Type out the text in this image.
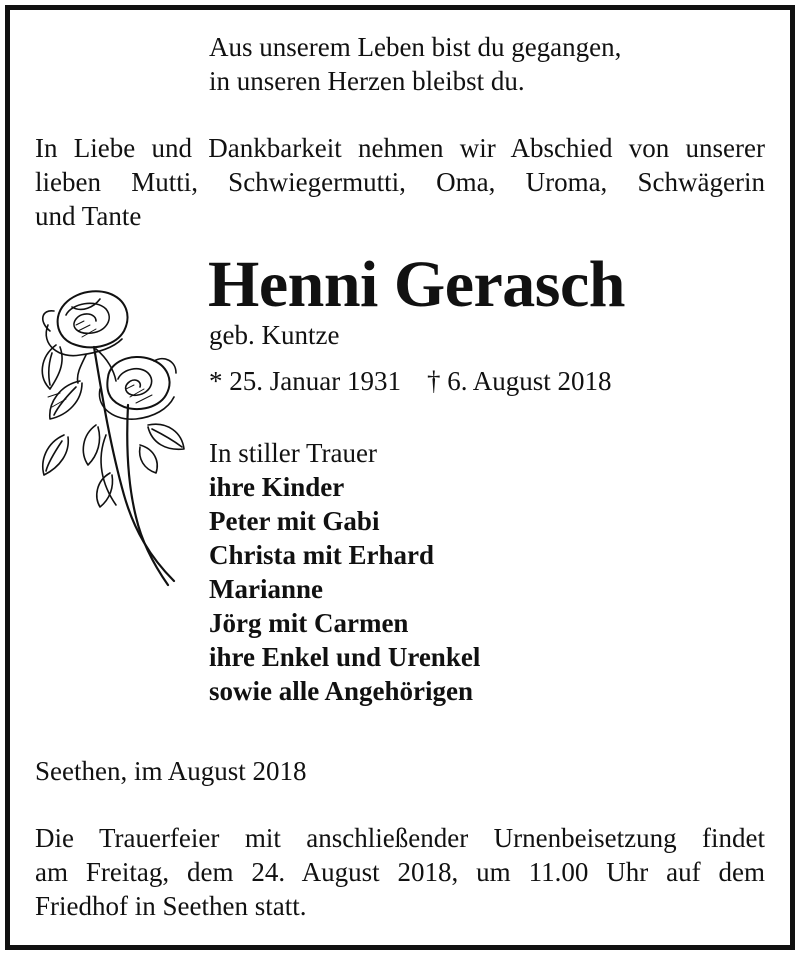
Aus unserem Leben bist du gegangen,
in unseren Herzen bleibst du.
In Liebe und Dankbarkeit nehmen wir Abschied von unserer
lieben Mutti, Schwiegermutti, Oma, Uroma, Schwägerin
und Tante
Henni Gerasch
geb. Kuntze
* 25. Januar 1931 † 6. August 2018
In stiller Trauer
ihre Kinder
Peter mit Gabi
Christa mit Erhard
Marianne
Jörg mit Carmen
ihre Enkel und Urenkel
sowie alle Angehörigen
Seethen, im August 2018
Die Trauerfeier mit anschließender Urnenbeisetzung findet
am Freitag, dem 24. August 2018, um 11.00 Uhr auf dem
Friedhof in Seethen statt.
